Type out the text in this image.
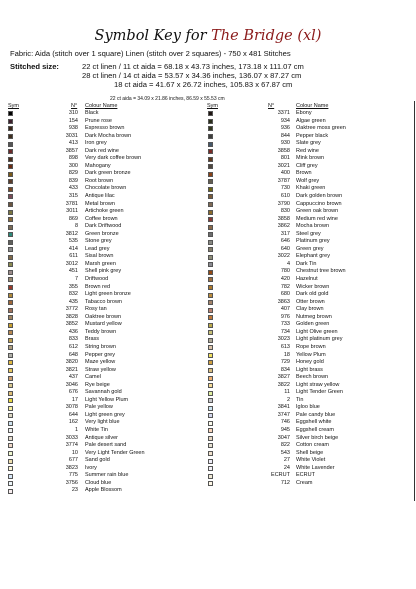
Symbol Key for The Bridge (xl)
Fabric: Aida (stitch over 1 square) Linen (stitch over 2 squares) - 750 x 481 Stitches
Stitched size:	22 ct linen / 11 ct aida = 68.18 x 43.73 inches, 173.18 x 111.07 cm
28 ct linen / 14 ct aida = 53.57 x 34.36 inches, 136.07 x 87.27 cm
18 ct aida = 41.67 x 26.72 inches, 105.83 x 67.87 cm
22 ct aida = 34.09 x 21.86 inches, 86.59 x 55.53 cm
Sym	N° Colour Name	Sym	N°	Colour Name
310 Black
154 Prune rose
938 Espresso brown
3031 Dark Mocha brown
413 Iron grey
3857 Dark red wine
898 Very dark coffee brown
300 Mahogany
829 Dark green bronze
839 Root brown
433 Chocolate brown
315 Antique lilac
3781 Metal brown
3011 Artichoke green
869 Coffee brown
8 Dark Driftwood
3812 Green bronze
535 Stone grey
414 Lead grey
611 Sisal brown
3012 Marsh green
451 Shell pink grey
7 Driftwood
355 Brown red
832 Light green bronze
435 Tabacco brown
3772 Rosy tan
3828 Oaktree brown
3852 Mustard yellow
436 Teddy brown
833 Brass
612 String brown
648 Pepper grey
3820 Maze yellow
3821 Straw yellow
437 Camel
3046 Rye beige
676 Savannah gold
17 Light Yellow Plum
3078 Pale yellow
644 Light green grey
162 Very light blue
1 White Tin
3033 Antique silver
3774 Pale desert sand
10 Very Light Tender Green
677 Sand gold
3823 Ivory
775 Summer rain blue
3756 Cloud blue
23 Apple Blossom
3371 Ebony
934 Algae green
936 Oaktree moss green
844 Pepper black
930 Slate grey
3858 Red wine
801 Mink brown
3021 Cliff grey
400 Brown
3787 Wolf grey
730 Khaki green
610 Dark golden brown
3790 Cappuccino brown
830 Green oak brown
3858 Medium red wine
3862 Mocha brown
317 Steel grey
646 Platinum grey
640 Green grey
3022 Elephant grey
4 Dark Tin
780 Chestnut tree brown
420 Hazelnut
782 Wicker brown
680 Dark old gold
3863 Otter brown
407 Clay brown
976 Nutmeg brown
733 Golden green
734 Light Olive green
3023 Light platinum grey
613 Rope brown
18 Yellow Plum
729 Honey gold
834 Light brass
3827 Beech brown
3822 Light straw yellow
11 Light Tender Green
2 Tin
3841 Igloo blue
3747 Pale candy blue
746 Eggshell white
945 Eggshell cream
3047 Silver birch beige
822 Cotton cream
543 Shell beige
27 White Violet
24 White Lavender
ECRUT ECRUT
712 Cream
